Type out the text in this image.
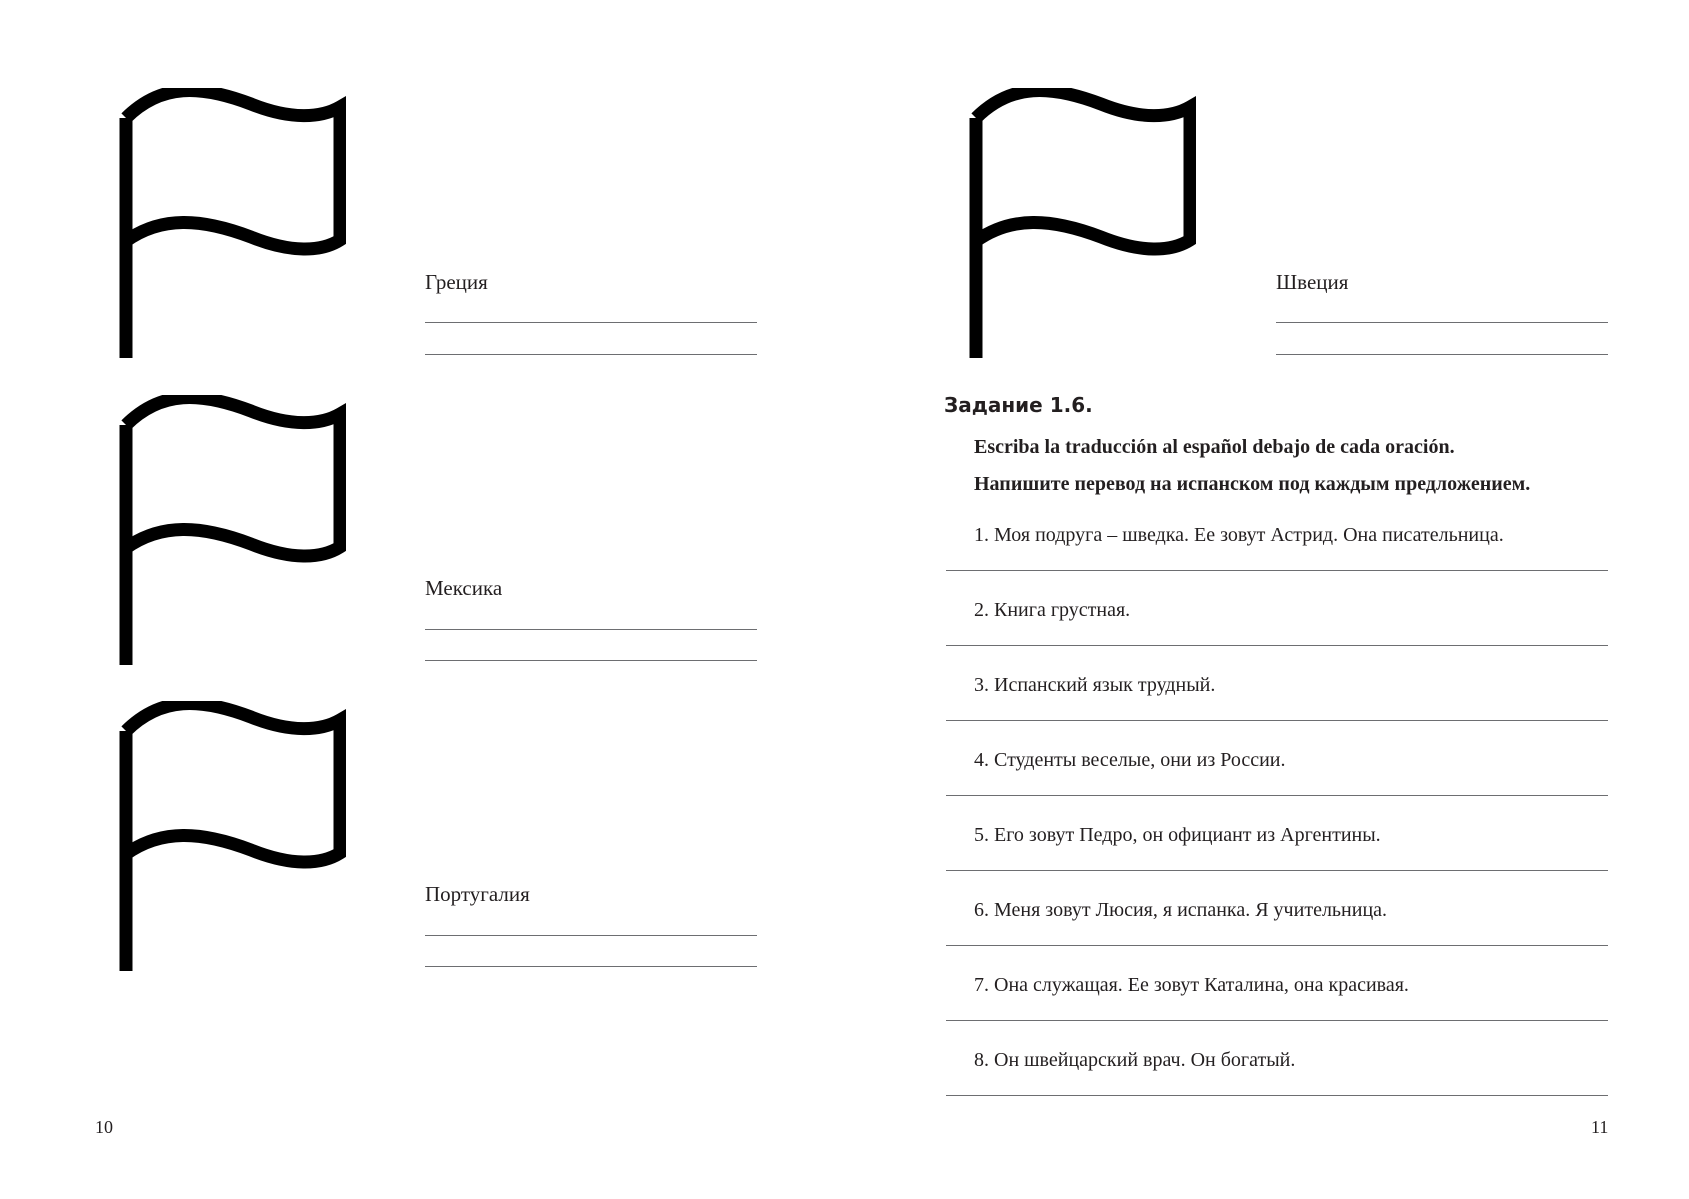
Греция
Мексика
Португалия
10
Швеция
Задание 1.6.
Escriba la traducción al español debajo de cada oración.
Напишите перевод на испанском под каждым предложением.
1. Моя подруга – шведка. Ее зовут Астрид. Она писательница.
2. Книга грустная.
3. Испанский язык трудный.
4. Студенты веселые, они из России.
5. Его зовут Педро, он официант из Аргентины.
6. Меня зовут Люсия, я испанка. Я учительница.
7. Она служащая. Ее зовут Каталина, она красивая.
8. Он швейцарский врач. Он богатый.
11
